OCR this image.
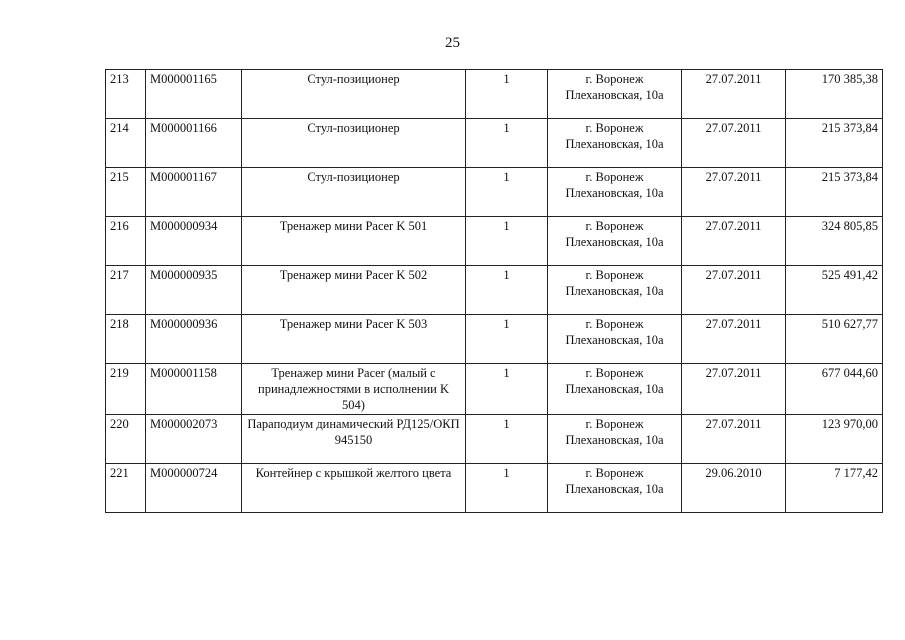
25
213	М000001165	Стул-позиционер	1	г. Воронеж
Плехановская, 10а	27.07.2011	170 385,38
214	М000001166	Стул-позиционер	1	г. Воронеж
Плехановская, 10а	27.07.2011	215 373,84
215	М000001167	Стул-позиционер	1	г. Воронеж
Плехановская, 10а	27.07.2011	215 373,84
216	М000000934	Тренажер мини Pacer K 501	1	г. Воронеж
Плехановская, 10а	27.07.2011	324 805,85
217	М000000935	Тренажер мини Pacer K 502	1	г. Воронеж
Плехановская, 10а	27.07.2011	525 491,42
218	М000000936	Тренажер мини Pacer K 503	1	г. Воронеж
Плехановская, 10а	27.07.2011	510 627,77
219	М000001158	Тренажер мини Pacer (малый с принадлежностями в исполнении K 504)	1	г. Воронеж
Плехановская, 10а	27.07.2011	677 044,60
220	М000002073	Параподиум динамический РД125/ОКП 945150	1	г. Воронеж
Плехановская, 10а	27.07.2011	123 970,00
221	М000000724	Контейнер с крышкой желтого цвета	1	г. Воронеж
Плехановская, 10а	29.06.2010	7 177,42
